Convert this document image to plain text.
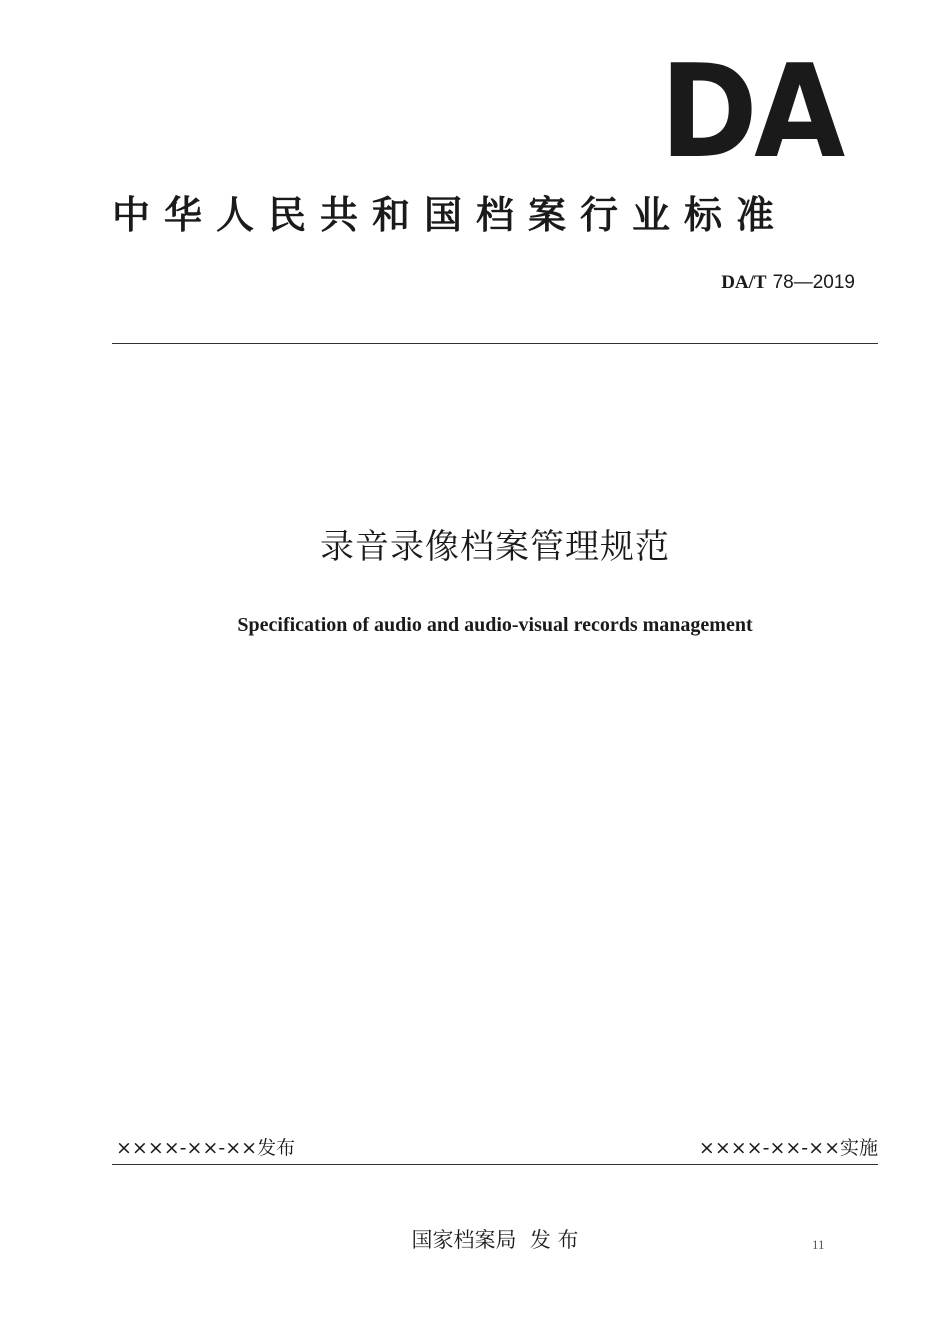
DA
中华人民共和国档案行业标准
DA/T 78—2019
录音录像档案管理规范
Specification of audio and audio-visual records management
××××-××-××发布	××××-××-××实施
国家档案局  发 布	11
